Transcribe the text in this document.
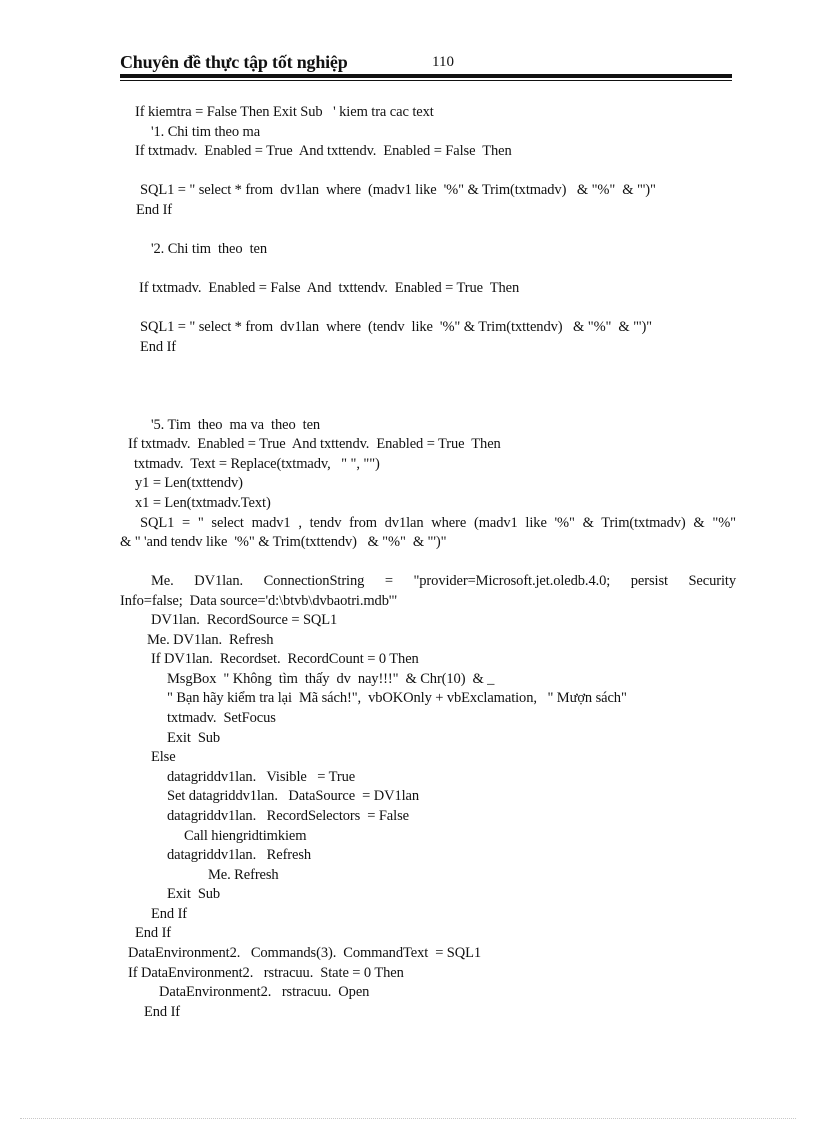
Chuyên đề thực tập tốt nghiệp	110
If kiemtra = False Then Exit Sub   ' kiem tra cac text
'1. Chi tim theo ma
If txtmadv.  Enabled = True  And txttendv.  Enabled = False  Then
SQL1 = " select * from  dv1lan  where  (madv1 like  '%" & Trim(txtmadv)   & "%"  & "')"
End If
'2. Chi tim  theo  ten
If txtmadv.  Enabled = False  And  txttendv.  Enabled = True  Then
SQL1 = " select * from  dv1lan  where  (tendv  like  '%" & Trim(txttendv)   & "%"  & "')"
End If
'5. Tim  theo  ma va  theo  ten
If txtmadv.  Enabled = True  And txttendv.  Enabled = True  Then
txtmadv.  Text = Replace(txtmadv,   " ", "")
y1 = Len(txttendv)
x1 = Len(txtmadv.Text)
SQL1 = " select madv1 , tendv from dv1lan where (madv1 like '%" & Trim(txtmadv) & "%"
& " 'and tendv like  '%" & Trim(txttendv)   & "%"  & "')"
Me. DV1lan. ConnectionString = "provider=Microsoft.jet.oledb.4.0; persist Security
Info=false;  Data source='d:\btvb\dvbaotri.mdb'"
DV1lan.  RecordSource = SQL1
Me. DV1lan.  Refresh
If DV1lan.  Recordset.  RecordCount = 0 Then
MsgBox  " Không  tìm  thấy  dv  nay!!!"  & Chr(10)  & _
" Bạn hãy kiểm tra lại  Mã sách!",  vbOKOnly + vbExclamation,   " Mượn sách"
txtmadv.  SetFocus
Exit  Sub
Else
datagriddv1lan.   Visible   = True
Set datagriddv1lan.   DataSource  = DV1lan
datagriddv1lan.   RecordSelectors  = False
Call hiengridtimkiem
datagriddv1lan.   Refresh
Me. Refresh
Exit  Sub
End If
End If
DataEnvironment2.   Commands(3).  CommandText  = SQL1
If DataEnvironment2.   rstracuu.  State = 0 Then
DataEnvironment2.   rstracuu.  Open
End If
